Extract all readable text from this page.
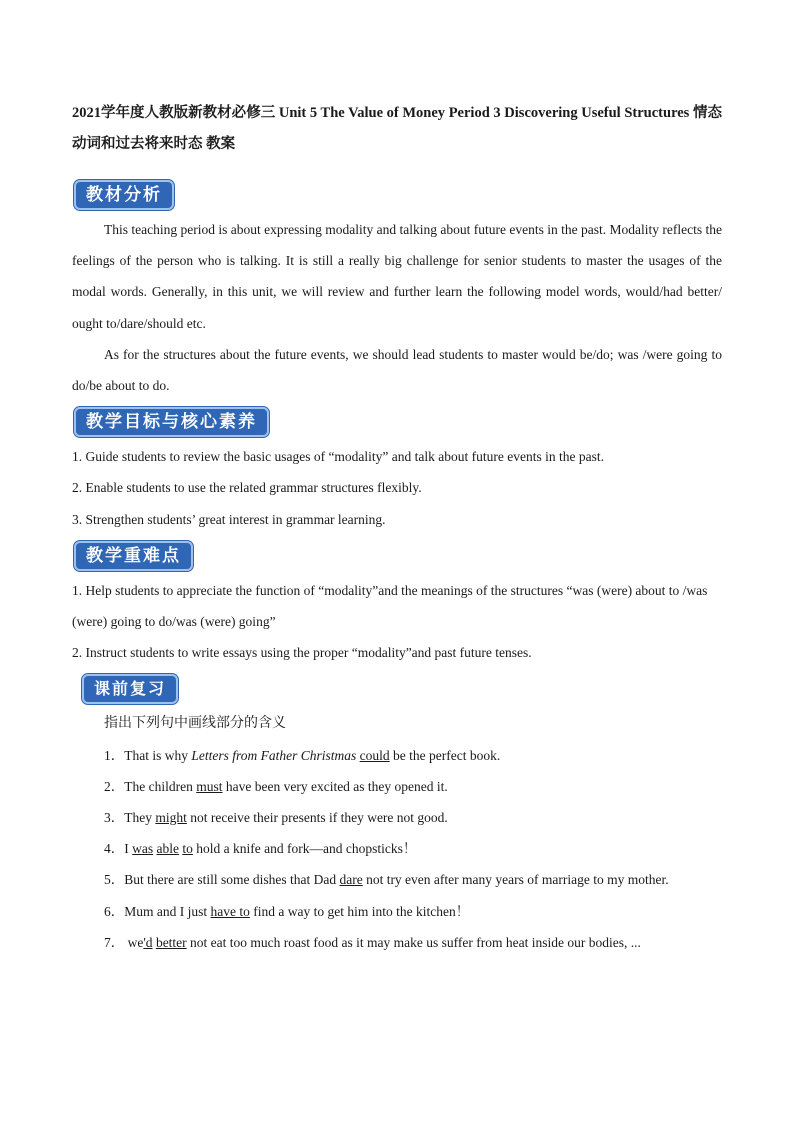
2021学年度人教版新教材必修三 Unit 5 The Value of Money Period 3 Discovering Useful Structures 情态动词和过去将来时态 教案
教材分析

This teaching period is about expressing modality and talking about future events in the past. Modality reflects the feelings of the person who is talking. It is still a really big challenge for senior students to master the usages of the modal words. Generally, in this unit, we will review and further learn the following model words, would/had better/ ought to/dare/should etc.

As for the structures about the future events, we should lead students to master would be/do; was /were going to do/be about to do.

教学目标与核心素养

1. Guide students to review the basic usages of “modality” and talk about future events in the past.

2. Enable students to use the related grammar structures flexibly.

3. Strengthen students’ great interest in grammar learning.

教学重难点

1. Help students to appreciate the function of “modality”and the meanings of the structures “was (were) about to /was (were) going to do/was (were) going”

2. Instruct students to write essays using the proper “modality”and past future tenses.

课前复习

指出下列句中画线部分的含义

1．That is why Letters from Father Christmas could be the perfect book.

2．The children must have been very excited as they opened it.

3．They might not receive their presents if they were not good.

4．I was able to hold a knife and fork—and chopsticks！

5．But there are still some dishes that Dad dare not try even after many years of marriage to my mother.

6．Mum and I just have to find a way to get him into the kitchen！

7． we'd better not eat too much roast food as it may make us suffer from heat inside our bodies, ...
